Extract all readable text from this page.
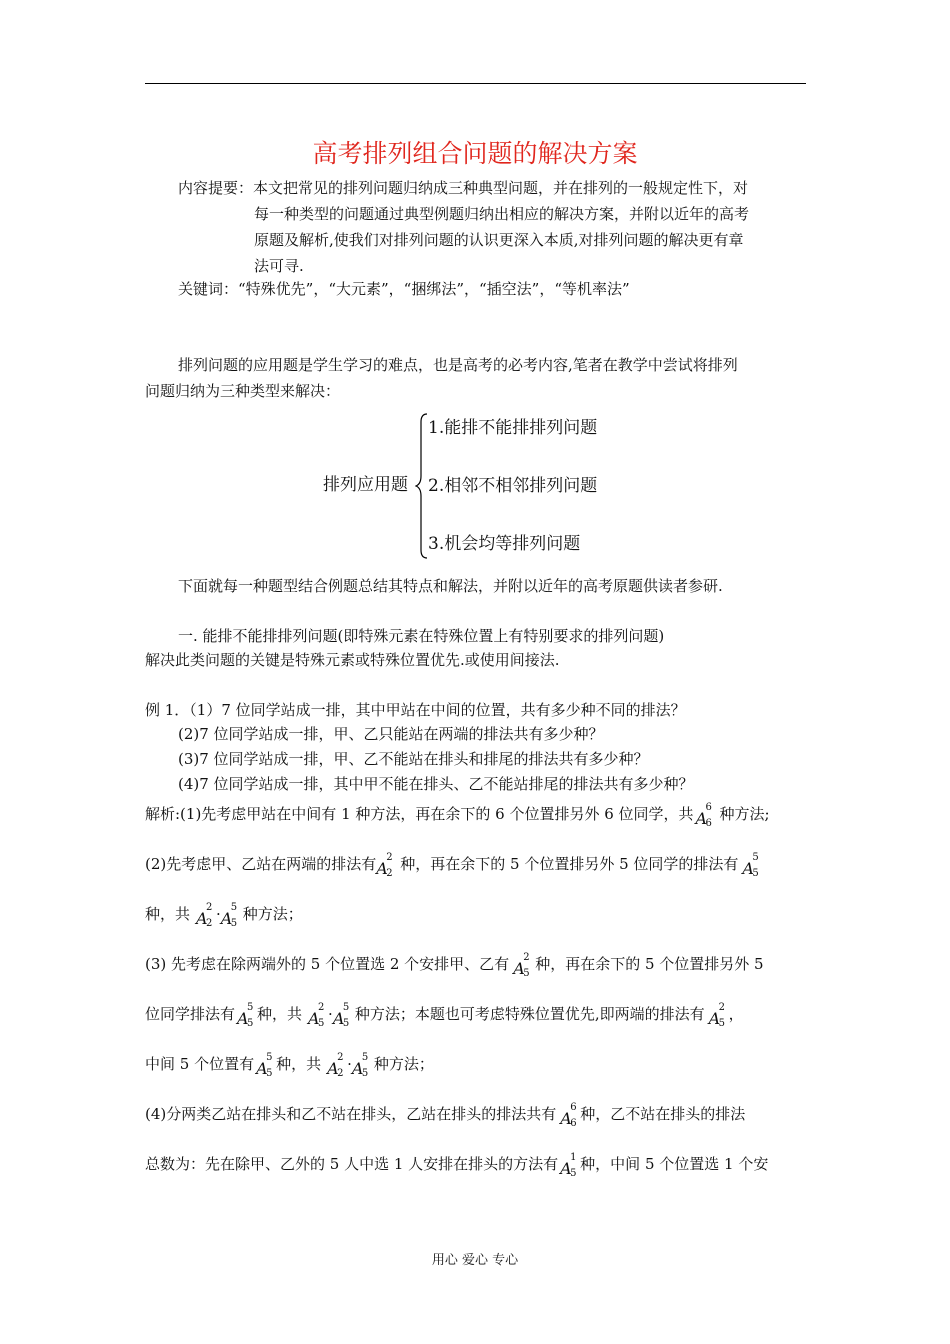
高考排列组合问题的解决方案
内容提要：本文把常见的排列问题归纳成三种典型问题，并在排列的一般规定性下，对
每一种类型的问题通过典型例题归纳出相应的解决方案，并附以近年的高考
原题及解析,使我们对排列问题的认识更深入本质,对排列问题的解决更有章
法可寻.
关键词：“特殊优先”，“大元素”，“捆绑法”，“插空法”，“等机率法”
排列问题的应用题是学生学习的难点，也是高考的必考内容,笔者在教学中尝试将排列
问题归纳为三种类型来解决：
排列应用题
1.能排不能排排列问题
2.相邻不相邻排列问题
3.机会均等排列问题
下面就每一种题型结合例题总结其特点和解法，并附以近年的高考原题供读者参研.
一. 能排不能排排列问题(即特殊元素在特殊位置上有特别要求的排列问题)
解决此类问题的关键是特殊元素或特殊位置优先.或使用间接法.
例 1．（1）7 位同学站成一排，其中甲站在中间的位置，共有多少种不同的排法？
(2)7 位同学站成一排，甲、乙只能站在两端的排法共有多少种？
(3)7 位同学站成一排，甲、乙不能站在排头和排尾的排法共有多少种？
(4)7 位同学站成一排，其中甲不能在排头、乙不能站排尾的排法共有多少种？
解析:(1)先考虑甲站在中间有 1 种方法，再在余下的 6 个位置排另外 6 位同学，共 A
6
6
种方法;
(2)先考虑甲、乙站在两端的排法有A
2
2
种，再在余下的 5 个位置排另外 5 位同学的排法有 A
5
5
种，共 A
2
2
·A
5
5
种方法；
(3) 先考虑在除两端外的 5 个位置选 2 个安排甲、乙有 A
2
5
种，再在余下的 5 个位置排另外 5
位同学排法有 A
5
5
种，共 A
2
5
·A
5
5
种方法；本题也可考虑特殊位置优先,即两端的排法有 A
2
5
，
中间 5 个位置有 A
5
5
种，共 A
2
2
·A
5
5
种方法；
(4)分两类乙站在排头和乙不站在排头，乙站在排头的排法共有 A
6
6
种，乙不站在排头的排法
总数为：先在除甲、乙外的 5 人中选 1 人安排在排头的方法有 A
1
5
种，中间 5 个位置选 1 个安
用心 爱心 专心
